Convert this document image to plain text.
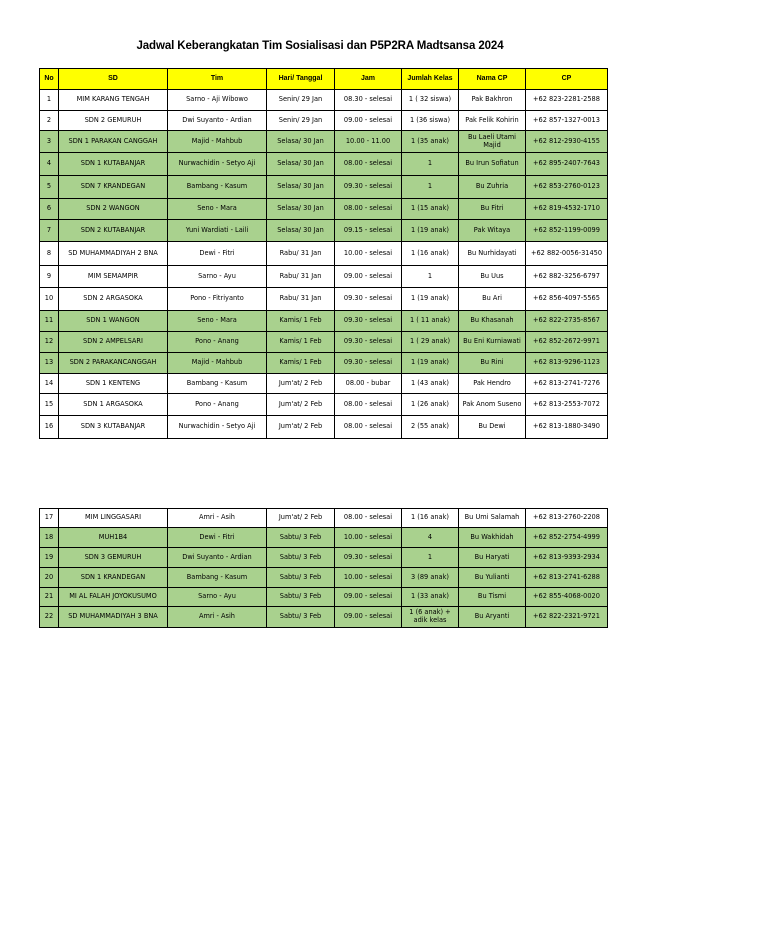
Jadwal Keberangkatan Tim Sosialisasi dan P5P2RA Madtsansa 2024
No	SD	Tim	Hari/ Tanggal	Jam	Jumlah Kelas	Nama CP	CP
1	MIM KARANG TENGAH	Sarno - Aji Wibowo	Senin/ 29 Jan	08.30 - selesai	1 ( 32 siswa)	Pak Bakhron	+62 823-2281-2588
2	SDN 2 GEMURUH	Dwi Suyanto - Ardian	Senin/ 29 Jan	09.00 - selesai	1 (36 siswa)	Pak Felik Kohirin	+62 857-1327-0013
3	SDN 1 PARAKAN CANGGAH	Majid - Mahbub	Selasa/ 30 Jan	10.00 - 11.00	1 (35 anak)	Bu Laeli Utami Majid	+62 812-2930-4155
4	SDN 1 KUTABANJAR	Nurwachidin - Setyo Aji	Selasa/ 30 Jan	08.00 - selesai	1	Bu Irun Sofiatun	+62 895-2407-7643
5	SDN 7 KRANDEGAN	Bambang - Kasum	Selasa/ 30 Jan	09.30 - selesai	1	Bu Zuhria	+62 853-2760-0123
6	SDN 2 WANGON	Seno - Mara	Selasa/ 30 Jan	08.00 - selesai	1 (15 anak)	Bu Fitri	+62 819-4532-1710
7	SDN 2 KUTABANJAR	Yuni Wardiati - Laili	Selasa/ 30 Jan	09.15 - selesai	1 (19 anak)	Pak Witaya	+62 852-1199-0099
8	SD MUHAMMADIYAH 2 BNA	Dewi - Fitri	Rabu/ 31 Jan	10.00 - selesai	1 (16 anak)	Bu Nurhidayati	+62 882-0056-31450
9	MIM SEMAMPIR	Sarno - Ayu	Rabu/ 31 Jan	09.00 - selesai	1	Bu Uus	+62 882-3256-6797
10	SDN 2 ARGASOKA	Pono - Fitriyanto	Rabu/ 31 Jan	09.30 - selesai	1 (19 anak)	Bu Ari	+62 856-4097-5565
11	SDN 1 WANGON	Seno - Mara	Kamis/ 1 Feb	09.30 - selesai	1 ( 11 anak)	Bu Khasanah	+62 822-2735-8567
12	SDN 2 AMPELSARI	Pono - Anang	Kamis/ 1 Feb	09.30 - selesai	1 ( 29 anak)	Bu Eni Kurniawati	+62 852-2672-9971
13	SDN 2 PARAKANCANGGAH	Majid - Mahbub	Kamis/ 1 Feb	09.30 - selesai	1 (19 anak)	Bu Rini	+62 813-9296-1123
14	SDN 1 KENTENG	Bambang - Kasum	Jum'at/ 2 Feb	08.00 - bubar	1 (43 anak)	Pak Hendro	+62 813-2741-7276
15	SDN 1 ARGASOKA	Pono - Anang	Jum'at/ 2 Feb	08.00 - selesai	1 (26 anak)	Pak Anom Suseno	+62 813-2553-7072
16	SDN 3 KUTABANJAR	Nurwachidin - Setyo Aji	Jum'at/ 2 Feb	08.00 - selesai	2 (55 anak)	Bu Dewi	+62 813-1880-3490
17	MIM LINGGASARI	Amri - Asih	Jum'at/ 2 Feb	08.00 - selesai	1 (16 anak)	Bu Umi Salamah	+62 813-2760-2208
18	MUH1B4	Dewi - Fitri	Sabtu/ 3 Feb	10.00 - selesai	4	Bu Wakhidah	+62 852-2754-4999
19	SDN 3 GEMURUH	Dwi Suyanto - Ardian	Sabtu/ 3 Feb	09.30 - selesai	1	Bu Haryati	+62 813-9393-2934
20	SDN 1 KRANDEGAN	Bambang - Kasum	Sabtu/ 3 Feb	10.00 - selesai	3 (89 anak)	Bu Yulianti	+62 813-2741-6288
21	MI AL FALAH JOYOKUSUMO	Sarno - Ayu	Sabtu/ 3 Feb	09.00 - selesai	1 (33 anak)	Bu Tismi	+62 855-4068-0020
22	SD MUHAMMADIYAH 3 BNA	Amri - Asih	Sabtu/ 3 Feb	09.00 - selesai	1 (6 anak) + adik kelas	Bu Aryanti	+62 822-2321-9721
